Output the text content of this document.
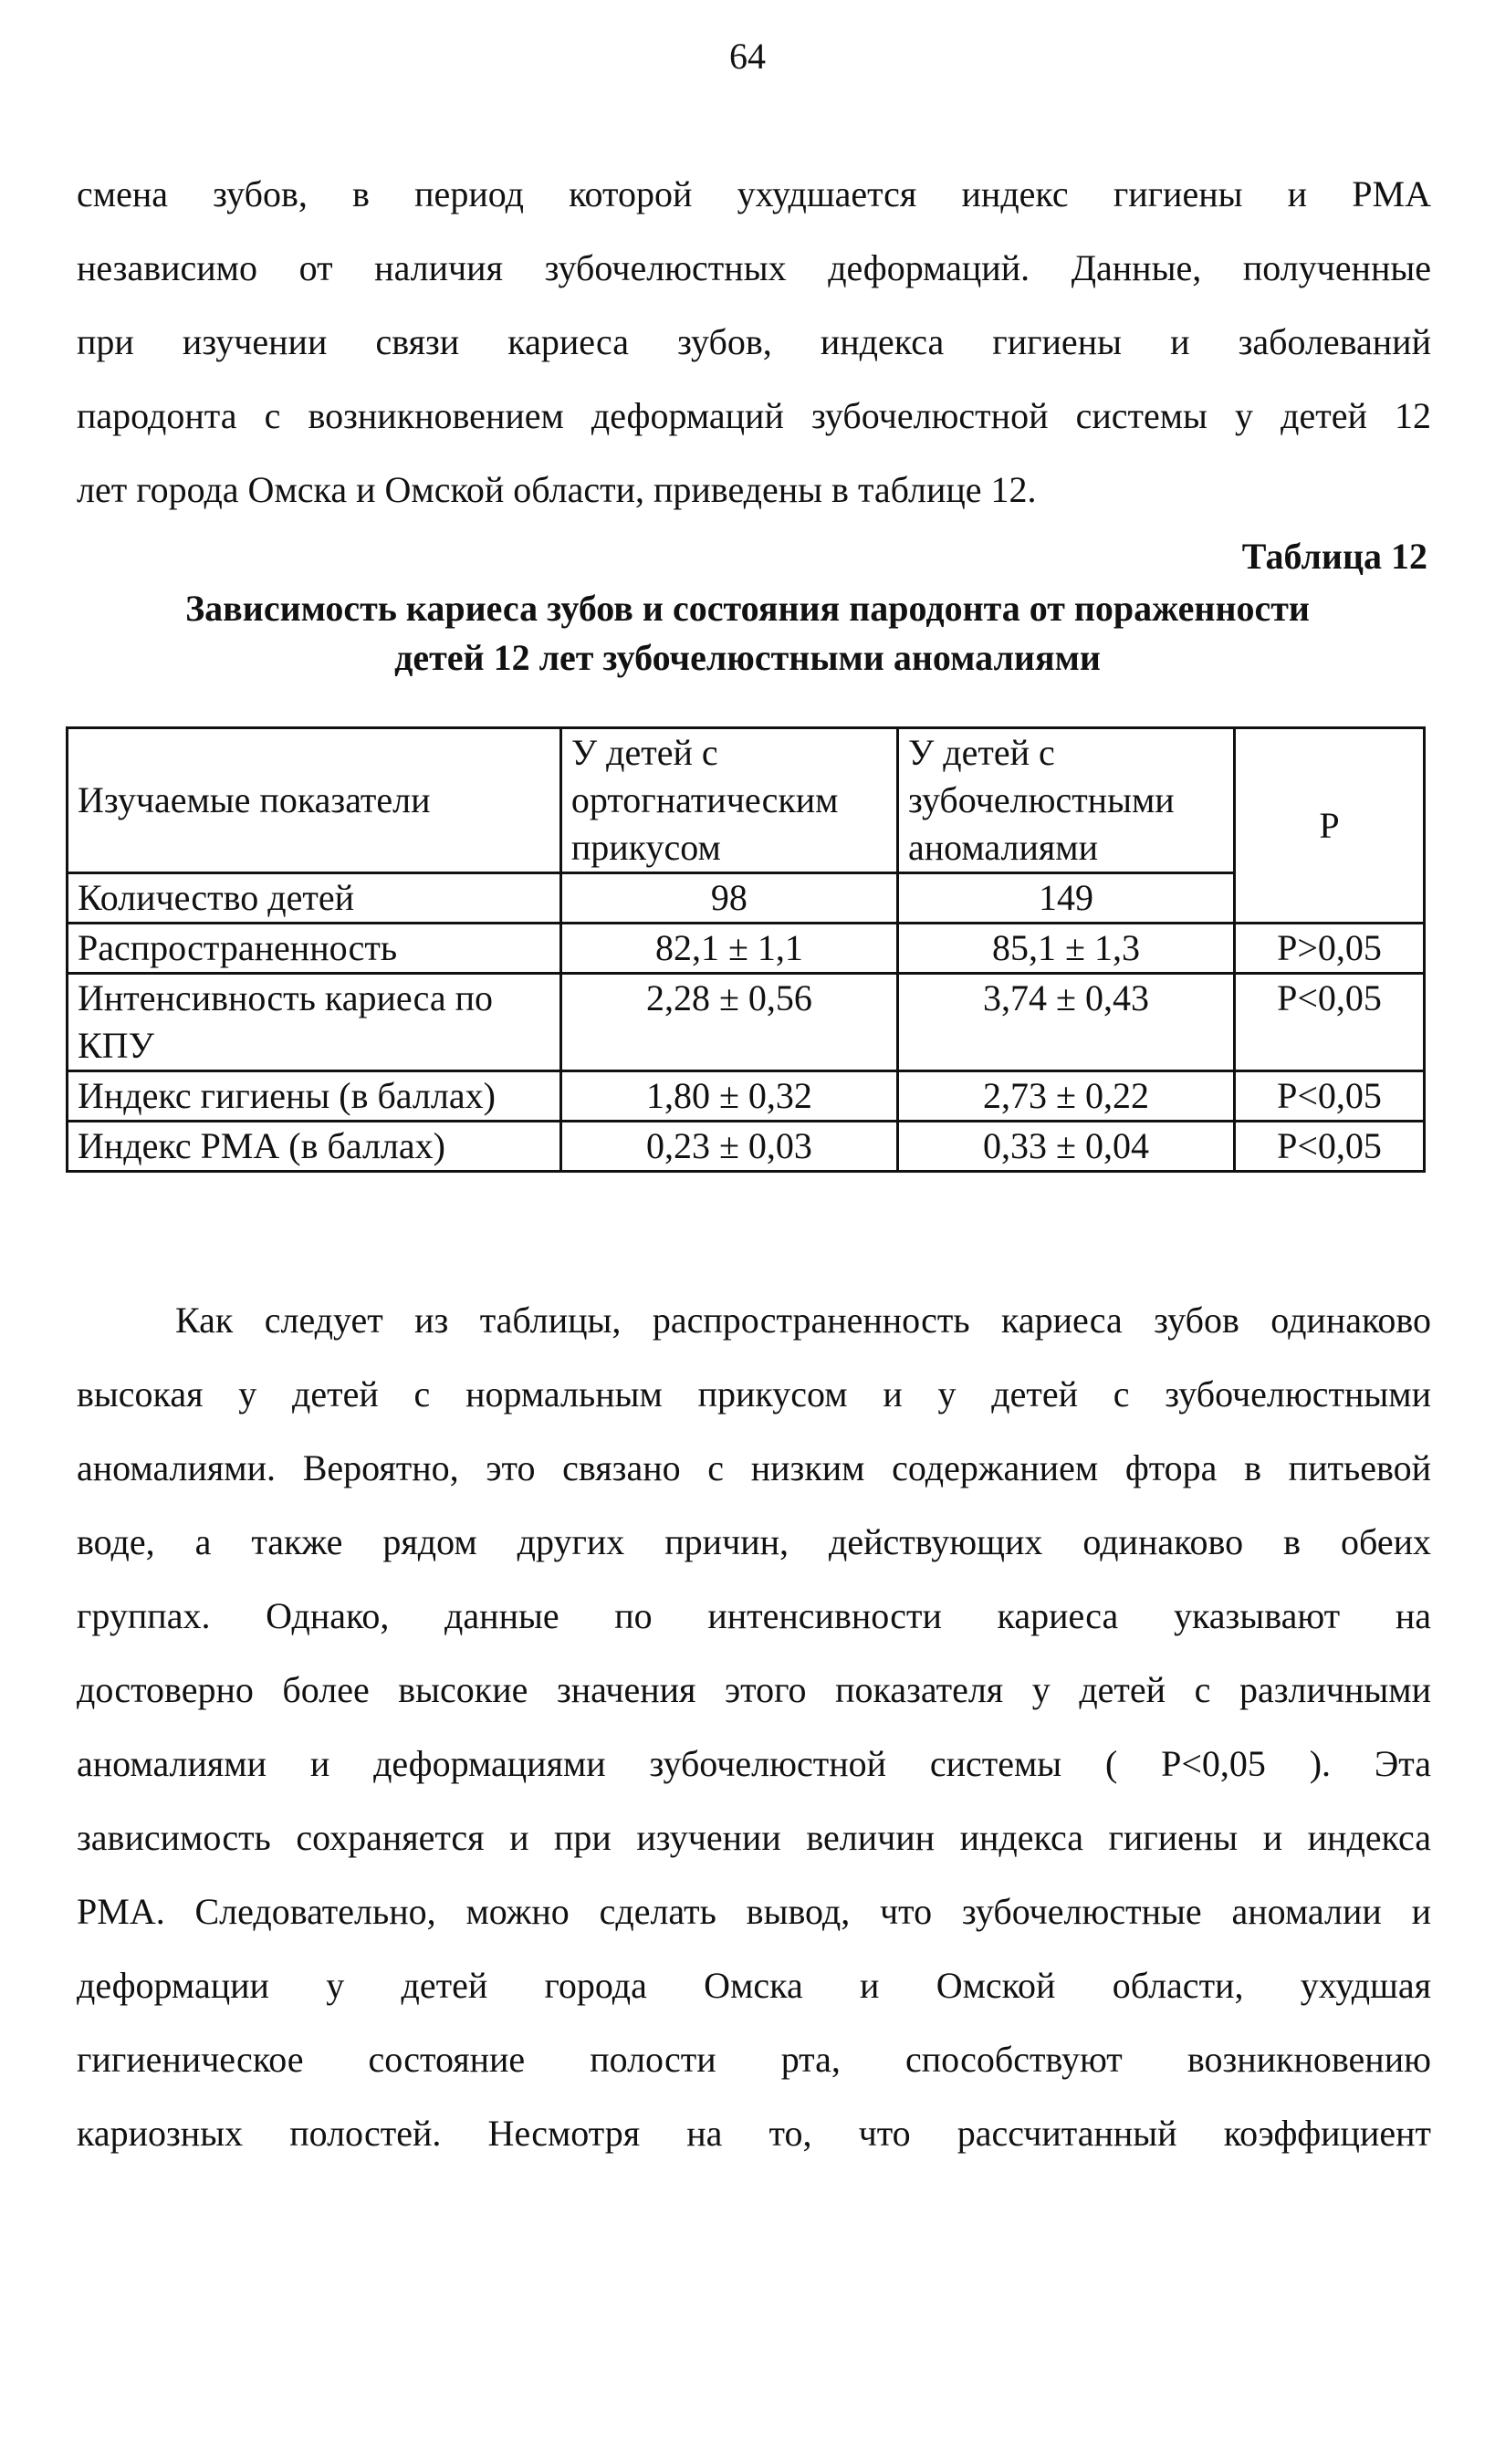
64

смена зубов, в период которой ухудшается индекс гигиены и РМА
независимо от наличия зубочелюстных деформаций. Данные, полученные
при изучении связи кариеса зубов, индекса гигиены и заболеваний
пародонта с возникновением деформаций зубочелюстной системы у детей 12
лет города Омска и Омской области, приведены в таблице 12.

Таблица 12
Зависимость кариеса зубов и состояния пародонта от пораженности
детей 12 лет зубочелюстными аномалиями
Изучаемые показатели	У детей с ортогнатическим прикусом	У детей с зубочелюстными аномалиями	Р
Количество детей	98	149	
Распространенность	82,1 ± 1,1	85,1 ± 1,3	Р>0,05
Интенсивность кариеса по КПУ	2,28 ± 0,56	3,74 ± 0,43	Р<0,05
Индекс гигиены (в баллах)	1,80 ± 0,32	2,73 ± 0,22	Р<0,05
Индекс РМА (в баллах)	0,23 ± 0,03	0,33 ± 0,04	Р<0,05

Как следует из таблицы, распространенность кариеса зубов одинаково
высокая у детей с нормальным прикусом и у детей с зубочелюстными
аномалиями. Вероятно, это связано с низким содержанием фтора в питьевой
воде, а также рядом других причин, действующих одинаково в обеих
группах. Однако, данные по интенсивности кариеса указывают на
достоверно более высокие значения этого показателя у детей с различными
аномалиями и деформациями зубочелюстной системы ( Р<0,05 ). Эта
зависимость сохраняется и при изучении величин индекса гигиены и индекса
РМА. Следовательно, можно сделать вывод, что зубочелюстные аномалии и
деформации у детей города Омска и Омской области, ухудшая
гигиеническое состояние полости рта, способствуют возникновению
кариозных полостей. Несмотря на то, что рассчитанный коэффициент
